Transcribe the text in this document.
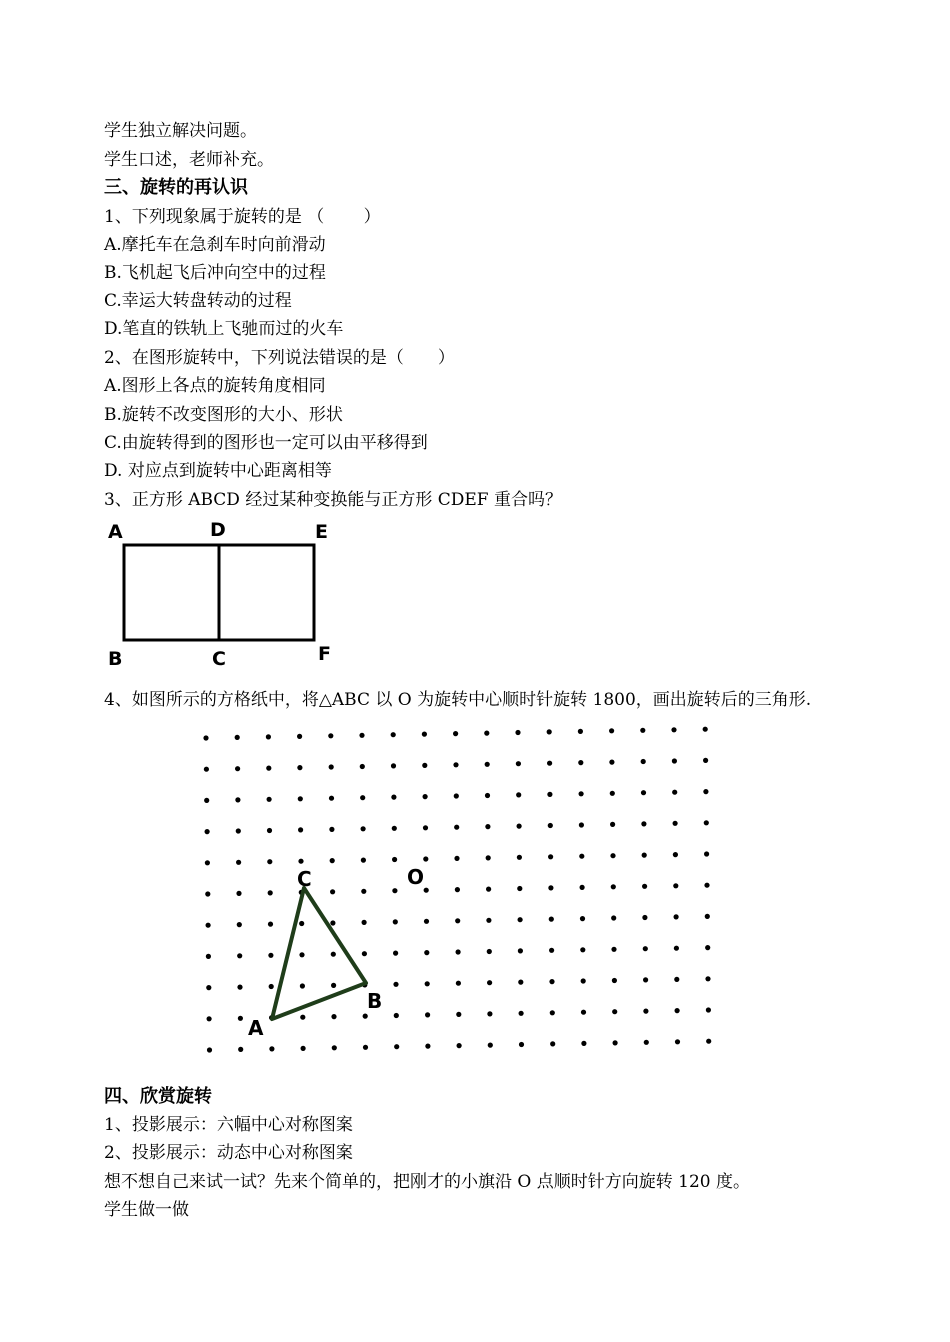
学生独立解决问题。
学生口述，老师补充。
三、旋转的再认识
1、下列现象属于旋转的是 （　　 ）
A.摩托车在急刹车时向前滑动
B.飞机起飞后冲向空中的过程
C.幸运大转盘转动的过程
D.笔直的铁轨上飞驰而过的火车
2、在图形旋转中，下列说法错误的是（　　）
A.图形上各点的旋转角度相同
B.旋转不改变图形的大小、形状
C.由旋转得到的图形也一定可以由平移得到
D. 对应点到旋转中心距离相等
3、正方形 ABCD 经过某种变换能与正方形 CDEF 重合吗？
A	D	E
B	C	F
4、如图所示的方格纸中，将△ABC 以 O 为旋转中心顺时针旋转 1800，画出旋转后的三角形.
C	O
B
A
四、欣赏旋转
1、投影展示：六幅中心对称图案
2、投影展示：动态中心对称图案
想不想自己来试一试？先来个简单的，把刚才的小旗沿 O 点顺时针方向旋转 120 度。
学生做一做
